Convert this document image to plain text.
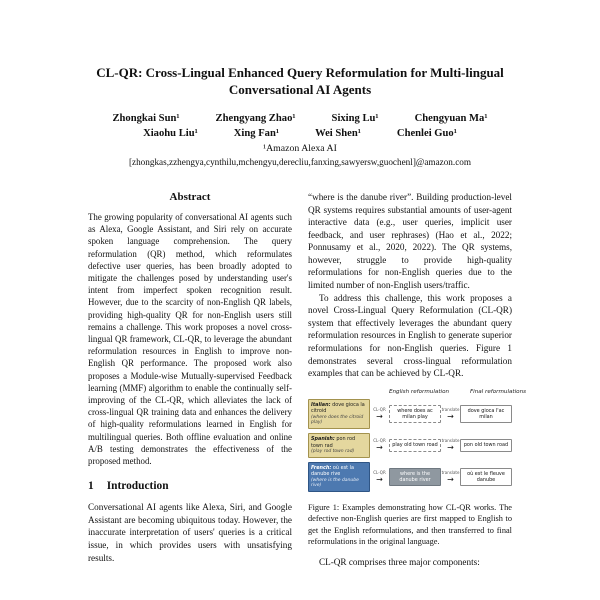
CL-QR: Cross-Lingual Enhanced Query Reformulation for Multi-lingual Conversational AI Agents
Zhongkai Sun¹	Zhengyang Zhao¹	Sixing Lu¹	Chengyuan Ma¹
Xiaohu Liu¹	Xing Fan¹	Wei Shen¹	Chenlei Guo¹
¹Amazon Alexa AI
[zhongkas,zzhengya,cynthilu,mchengyu,derecliu,fanxing,sawyersw,guochenl]@amazon.com
Abstract
The growing popularity of conversational AI agents such as Alexa, Google Assistant, and Siri rely on accurate spoken language comprehension. The query reformulation (QR) method, which reformulates defective user queries, has been broadly adopted to mitigate the challenges posed by understanding user's intent from imperfect spoken recognition result. However, due to the scarcity of non-English QR labels, providing high-quality QR for non-English users still remains a challenge. This work proposes a novel cross-lingual QR framework, CL-QR, to leverage the abundant reformulation resources in English to improve non-English QR performance. The proposed work also proposes a Module-wise Mutually-supervised Feedback learning (MMF) algorithm to enable the continually self-improving of the CL-QR, which alleviates the lack of cross-lingual QR training data and enhances the delivery of high-quality reformulations learned in English for multilingual queries. Both offline evaluation and online A/B testing demonstrates the effectiveness of the proposed method.
1 Introduction
Conversational AI agents like Alexa, Siri, and Google Assistant are becoming ubiquitous today. However, the inaccurate interpretation of users' queries is a critical issue, in which provides users with unsatisfying results.
“where is the danube river”. Building production-level QR systems requires substantial amounts of user-agent interactive data (e.g., user queries, implicit user feedback, and user rephrases) (Hao et al., 2022; Ponnusamy et al., 2020, 2022). The QR systems, however, struggle to provide high-quality reformulations for non-English queries due to the limited number of non-English users/traffic.
To address this challenge, this work proposes a novel Cross-Lingual Query Reformulation (CL-QR) system that effectively leverages the abundant query reformulation resources in English to generate superior reformulations for non-English queries. Figure 1 demonstrates several cross-lingual reformulation examples that can be achieved by CL-QR.
English reformulation	Final reformulations
Italian: dove gioca la citroid
(where does the citroid play)
CL-QR
→
where does ac milan play
translate
→
dove gioca l'ac milan
Spanish: pon rod town rad
(play rod town rad)
CL-QR
→	play old town road
translate
→	pon old town road
French: où est la danube rive
(where is the danube rive)
CL-QR
→
where is the danube river
translate
→
où est le fleuve danube
Figure 1: Examples demonstrating how CL-QR works. The defective non-English queries are first mapped to English to get the English reformulations, and then transferred to final reformulations in the original language.
CL-QR comprises three major components:
